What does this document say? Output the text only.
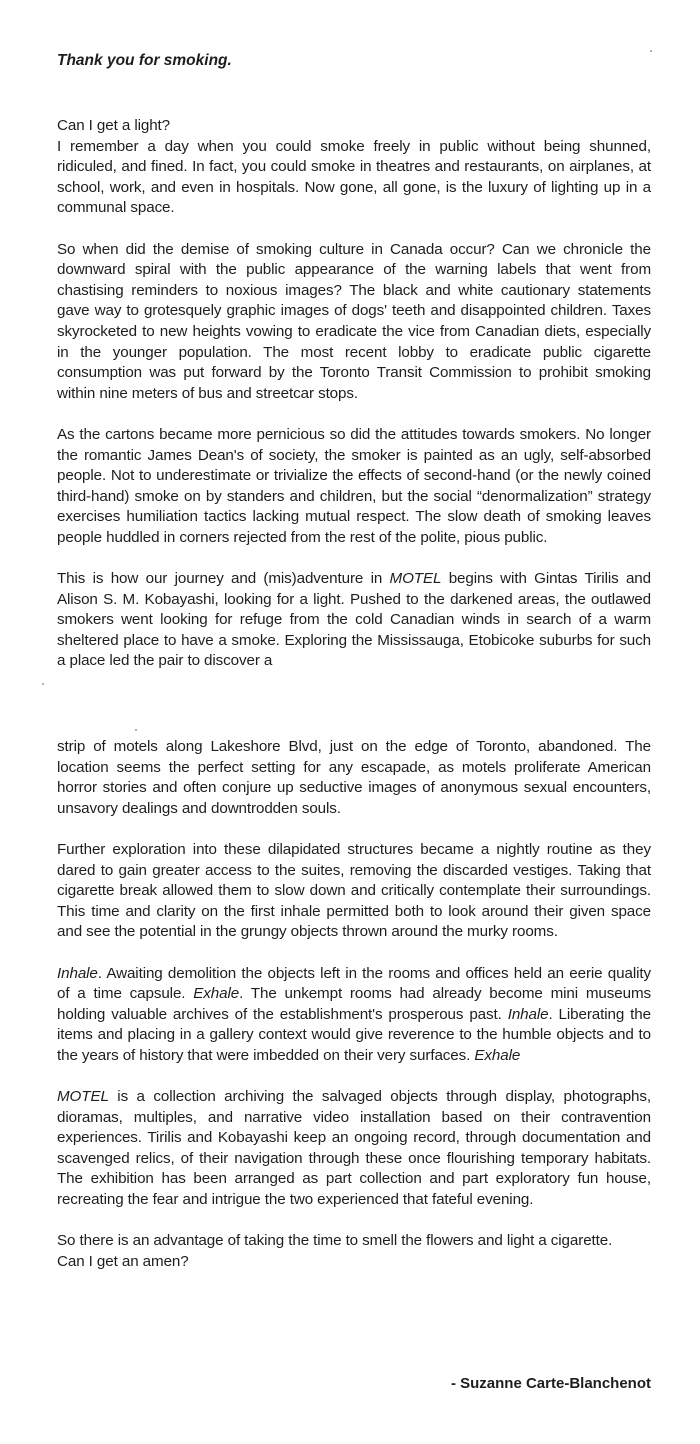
Thank you for smoking.

Can I get a light?
I remember a day when you could smoke freely in public without being shunned, ridiculed, and fined. In fact, you could smoke in theatres and restaurants, on airplanes, at school, work, and even in hospitals. Now gone, all gone, is the luxury of lighting up in a communal space.

So when did the demise of smoking culture in Canada occur? Can we chronicle the downward spiral with the public appearance of the warning labels that went from chastising reminders to noxious images? The black and white cautionary statements gave way to grotesquely graphic images of dogs' teeth and disappointed children. Taxes skyrocketed to new heights vowing to eradicate the vice from Canadian diets, especially in the younger population. The most recent lobby to eradicate public cigarette consumption was put forward by the Toronto Transit Commission to prohibit smoking within nine meters of bus and streetcar stops.

As the cartons became more pernicious so did the attitudes towards smokers. No longer the romantic James Dean's of society, the smoker is painted as an ugly, self-absorbed people. Not to underestimate or trivialize the effects of second-hand (or the newly coined third-hand) smoke on by standers and children, but the social “denormalization” strategy exercises humiliation tactics lacking mutual respect. The slow death of smoking leaves people huddled in corners rejected from the rest of the polite, pious public.

This is how our journey and (mis)adventure in MOTEL begins with Gintas Tirilis and Alison S. M. Kobayashi, looking for a light. Pushed to the darkened areas, the outlawed smokers went looking for refuge from the cold Canadian winds in search of a warm sheltered place to have a smoke. Exploring the Mississauga, Etobicoke suburbs for such a place led the pair to discover a

strip of motels along Lakeshore Blvd, just on the edge of Toronto, abandoned. The location seems the perfect setting for any escapade, as motels proliferate American horror stories and often conjure up seductive images of anonymous sexual encounters, unsavory dealings and downtrodden souls.

Further exploration into these dilapidated structures became a nightly routine as they dared to gain greater access to the suites, removing the discarded vestiges. Taking that cigarette break allowed them to slow down and critically contemplate their surroundings. This time and clarity on the first inhale permitted both to look around their given space and see the potential in the grungy objects thrown around the murky rooms.

Inhale. Awaiting demolition the objects left in the rooms and offices held an eerie quality of a time capsule. Exhale. The unkempt rooms had already become mini museums holding valuable archives of the establishment's prosperous past. Inhale. Liberating the items and placing in a gallery context would give reverence to the humble objects and to the years of history that were imbedded on their very surfaces. Exhale

MOTEL is a collection archiving the salvaged objects through display, photographs, dioramas, multiples, and narrative video installation based on their contravention experiences. Tirilis and Kobayashi keep an ongoing record, through documentation and scavenged relics, of their navigation through these once flourishing temporary habitats. The exhibition has been arranged as part collection and part exploratory fun house, recreating the fear and intrigue the two experienced that fateful evening.

So there is an advantage of taking the time to smell the flowers and light a cigarette.
Can I get an amen?

- Suzanne Carte-Blanchenot
